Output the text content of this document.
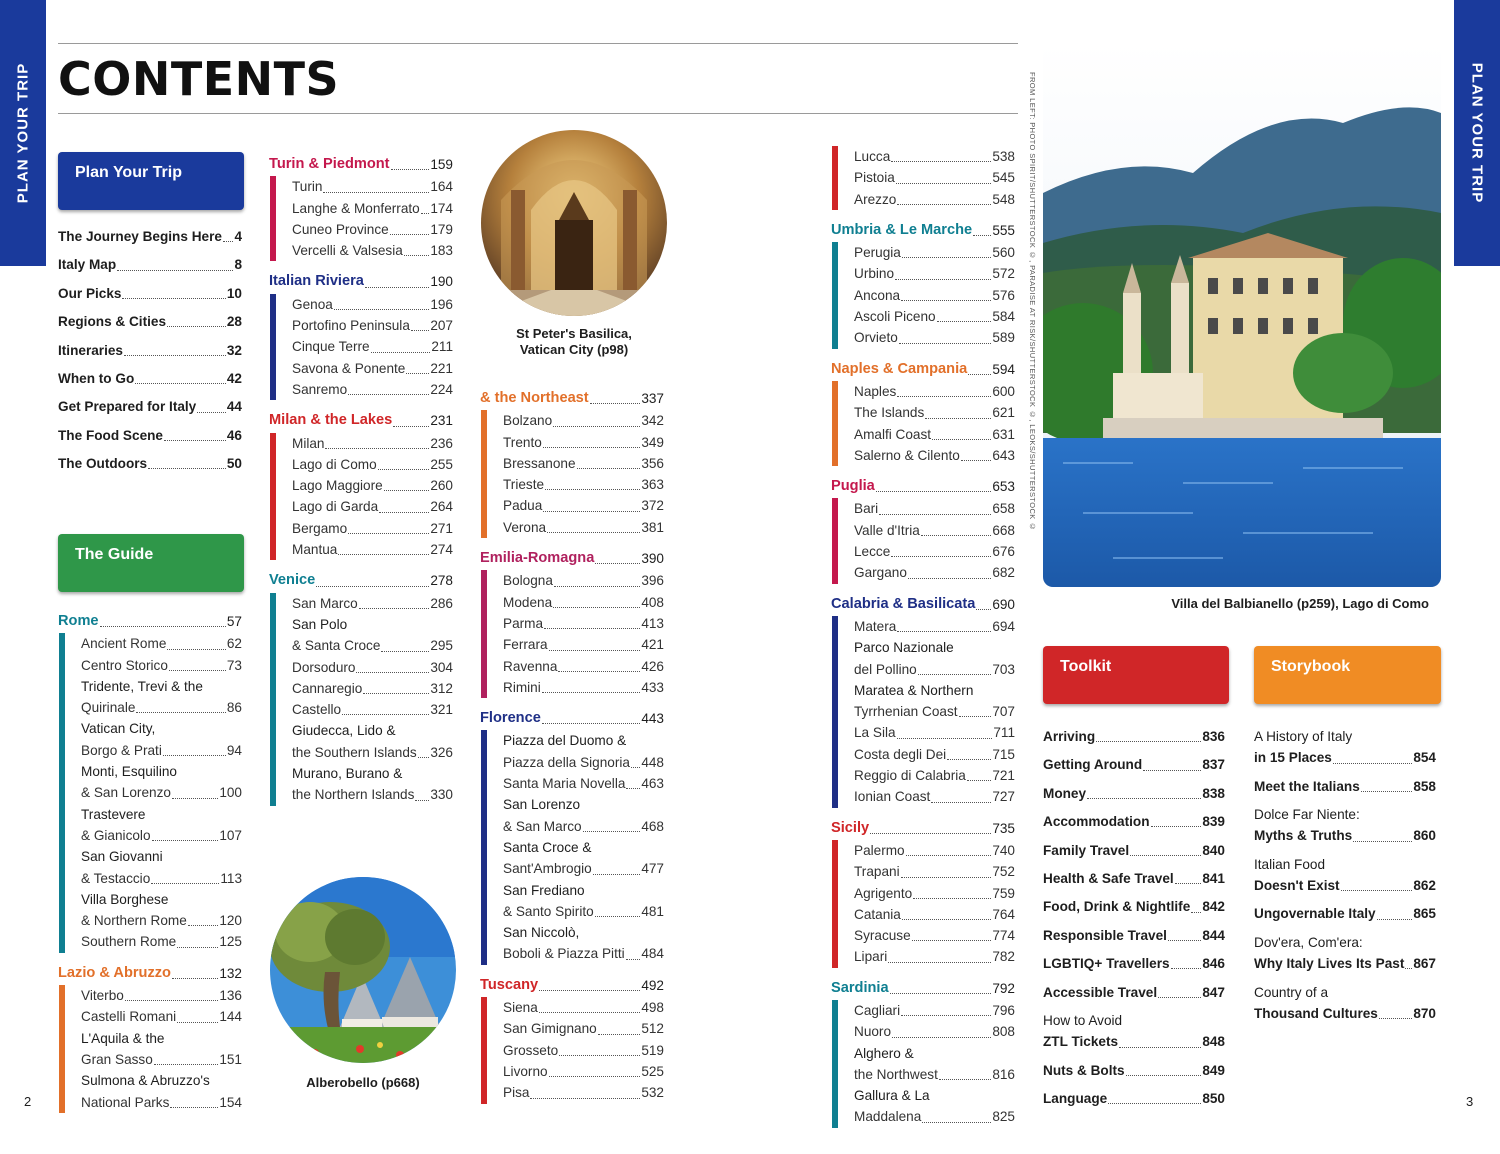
PLAN YOUR TRIP	PLAN YOUR TRIP
2	3
CONTENTS
Plan Your Trip
The Journey Begins Here 4
Italy Map	8
Our Picks	10
Regions & Cities	28
Itineraries	32
When to Go	42
Get Prepared for Italy 44
The Food Scene	46
The Outdoors	50
The Guide
Rome	57
Ancient Rome	62
Centro Storico	73
Tridente, Trevi & the
Quirinale	86
Vatican City,
Borgo & Prati	94
Monti, Esquilino
& San Lorenzo	100
Trastevere
& Gianicolo	107
San Giovanni
& Testaccio	113
Villa Borghese
& Northern Rome 120
Southern Rome	125
Lazio & Abruzzo	132
Viterbo	136
Castelli Romani	144
L'Aquila & the
Gran Sasso	151
Sulmona & Abruzzo's
National Parks	154
Turin & Piedmont	159
Turin	164
Langhe & Monferrato 174
Cuneo Province	179
Vercelli & Valsesia 183
Italian Riviera	190
Genoa	196
Portofino Peninsula 207
Cinque Terre	211
Savona & Ponente 221
Sanremo	224
Milan & the Lakes	231
Milan	236
Lago di Como	255
Lago Maggiore	260
Lago di Garda	264
Bergamo	271
Mantua	274
Venice	278
San Marco	286
San Polo
& Santa Croce	295
Dorsoduro	304
Cannaregio	312
Castello	321
Giudecca, Lido &
the Southern Islands 326
Murano, Burano &
the Northern Islands 330
& the Northeast	337
Bolzano	342
Trento	349
Bressanone	356
Trieste	363
Padua	372
Verona	381
Emilia-Romagna	390
Bologna	396
Modena	408
Parma	413
Ferrara	421
Ravenna	426
Rimini	433
Florence	443
Piazza del Duomo &
Piazza della Signoria 448
Santa Maria Novella 463
San Lorenzo
& San Marco	468
Santa Croce &
Sant'Ambrogio	477
San Frediano
& Santo Spirito	481
San Niccolò,
Boboli & Piazza Pitti 484
Tuscany	492
Siena	498
San Gimignano	512
Grosseto	519
Livorno	525
Pisa	532
Lucca	538
Pistoia	545
Arezzo	548
Umbria & Le Marche 555
Perugia	560
Urbino	572
Ancona	576
Ascoli Piceno	584
Orvieto	589
Naples & Campania 594
Naples	600
The Islands	621
Amalfi Coast	631
Salerno & Cilento 643
Puglia	653
Bari	658
Valle d'Itria	668
Lecce	676
Gargano	682
Calabria & Basilicata 690
Matera	694
Parco Nazionale
del Pollino	703
Maratea & Northern
Tyrrhenian Coast	707
La Sila	711
Costa degli Dei	715
Reggio di Calabria 721
Ionian Coast	727
Sicily	735
Palermo	740
Trapani	752
Agrigento	759
Catania	764
Syracuse	774
Lipari	782
Sardinia	792
Cagliari	796
Nuoro	808
Alghero &
the Northwest	816
Gallura & La
Maddalena	825
Toolkit
Arriving	836
Getting Around	837
Money	838
Accommodation	839
Family Travel	840
Health & Safe Travel 841
Food, Drink & Nightlife 842
Responsible Travel	844
LGBTIQ+ Travellers 846
Accessible Travel	847
How to Avoid
ZTL Tickets	848
Nuts & Bolts	849
Language	850
Storybook
A History of Italy
in 15 Places	854
Meet the Italians	858
Dolce Far Niente:
Myths & Truths	860
Italian Food
Doesn't Exist	862
Ungovernable Italy	865
Dov'era, Com'era:
Why Italy Lives Its Past 867
Country of a
Thousand Cultures	870
St Peter's Basilica,
Vatican City (p98)
Alberobello (p668)
FROM LEFT: PHOTO SPIRIT/SHUTTERSTOCK ©, PARADISE AT RISK/SHUTTERSTOCK ©, LEOKS/SHUTTERSTOCK ©
Villa del Balbianello (p259), Lago di Como
